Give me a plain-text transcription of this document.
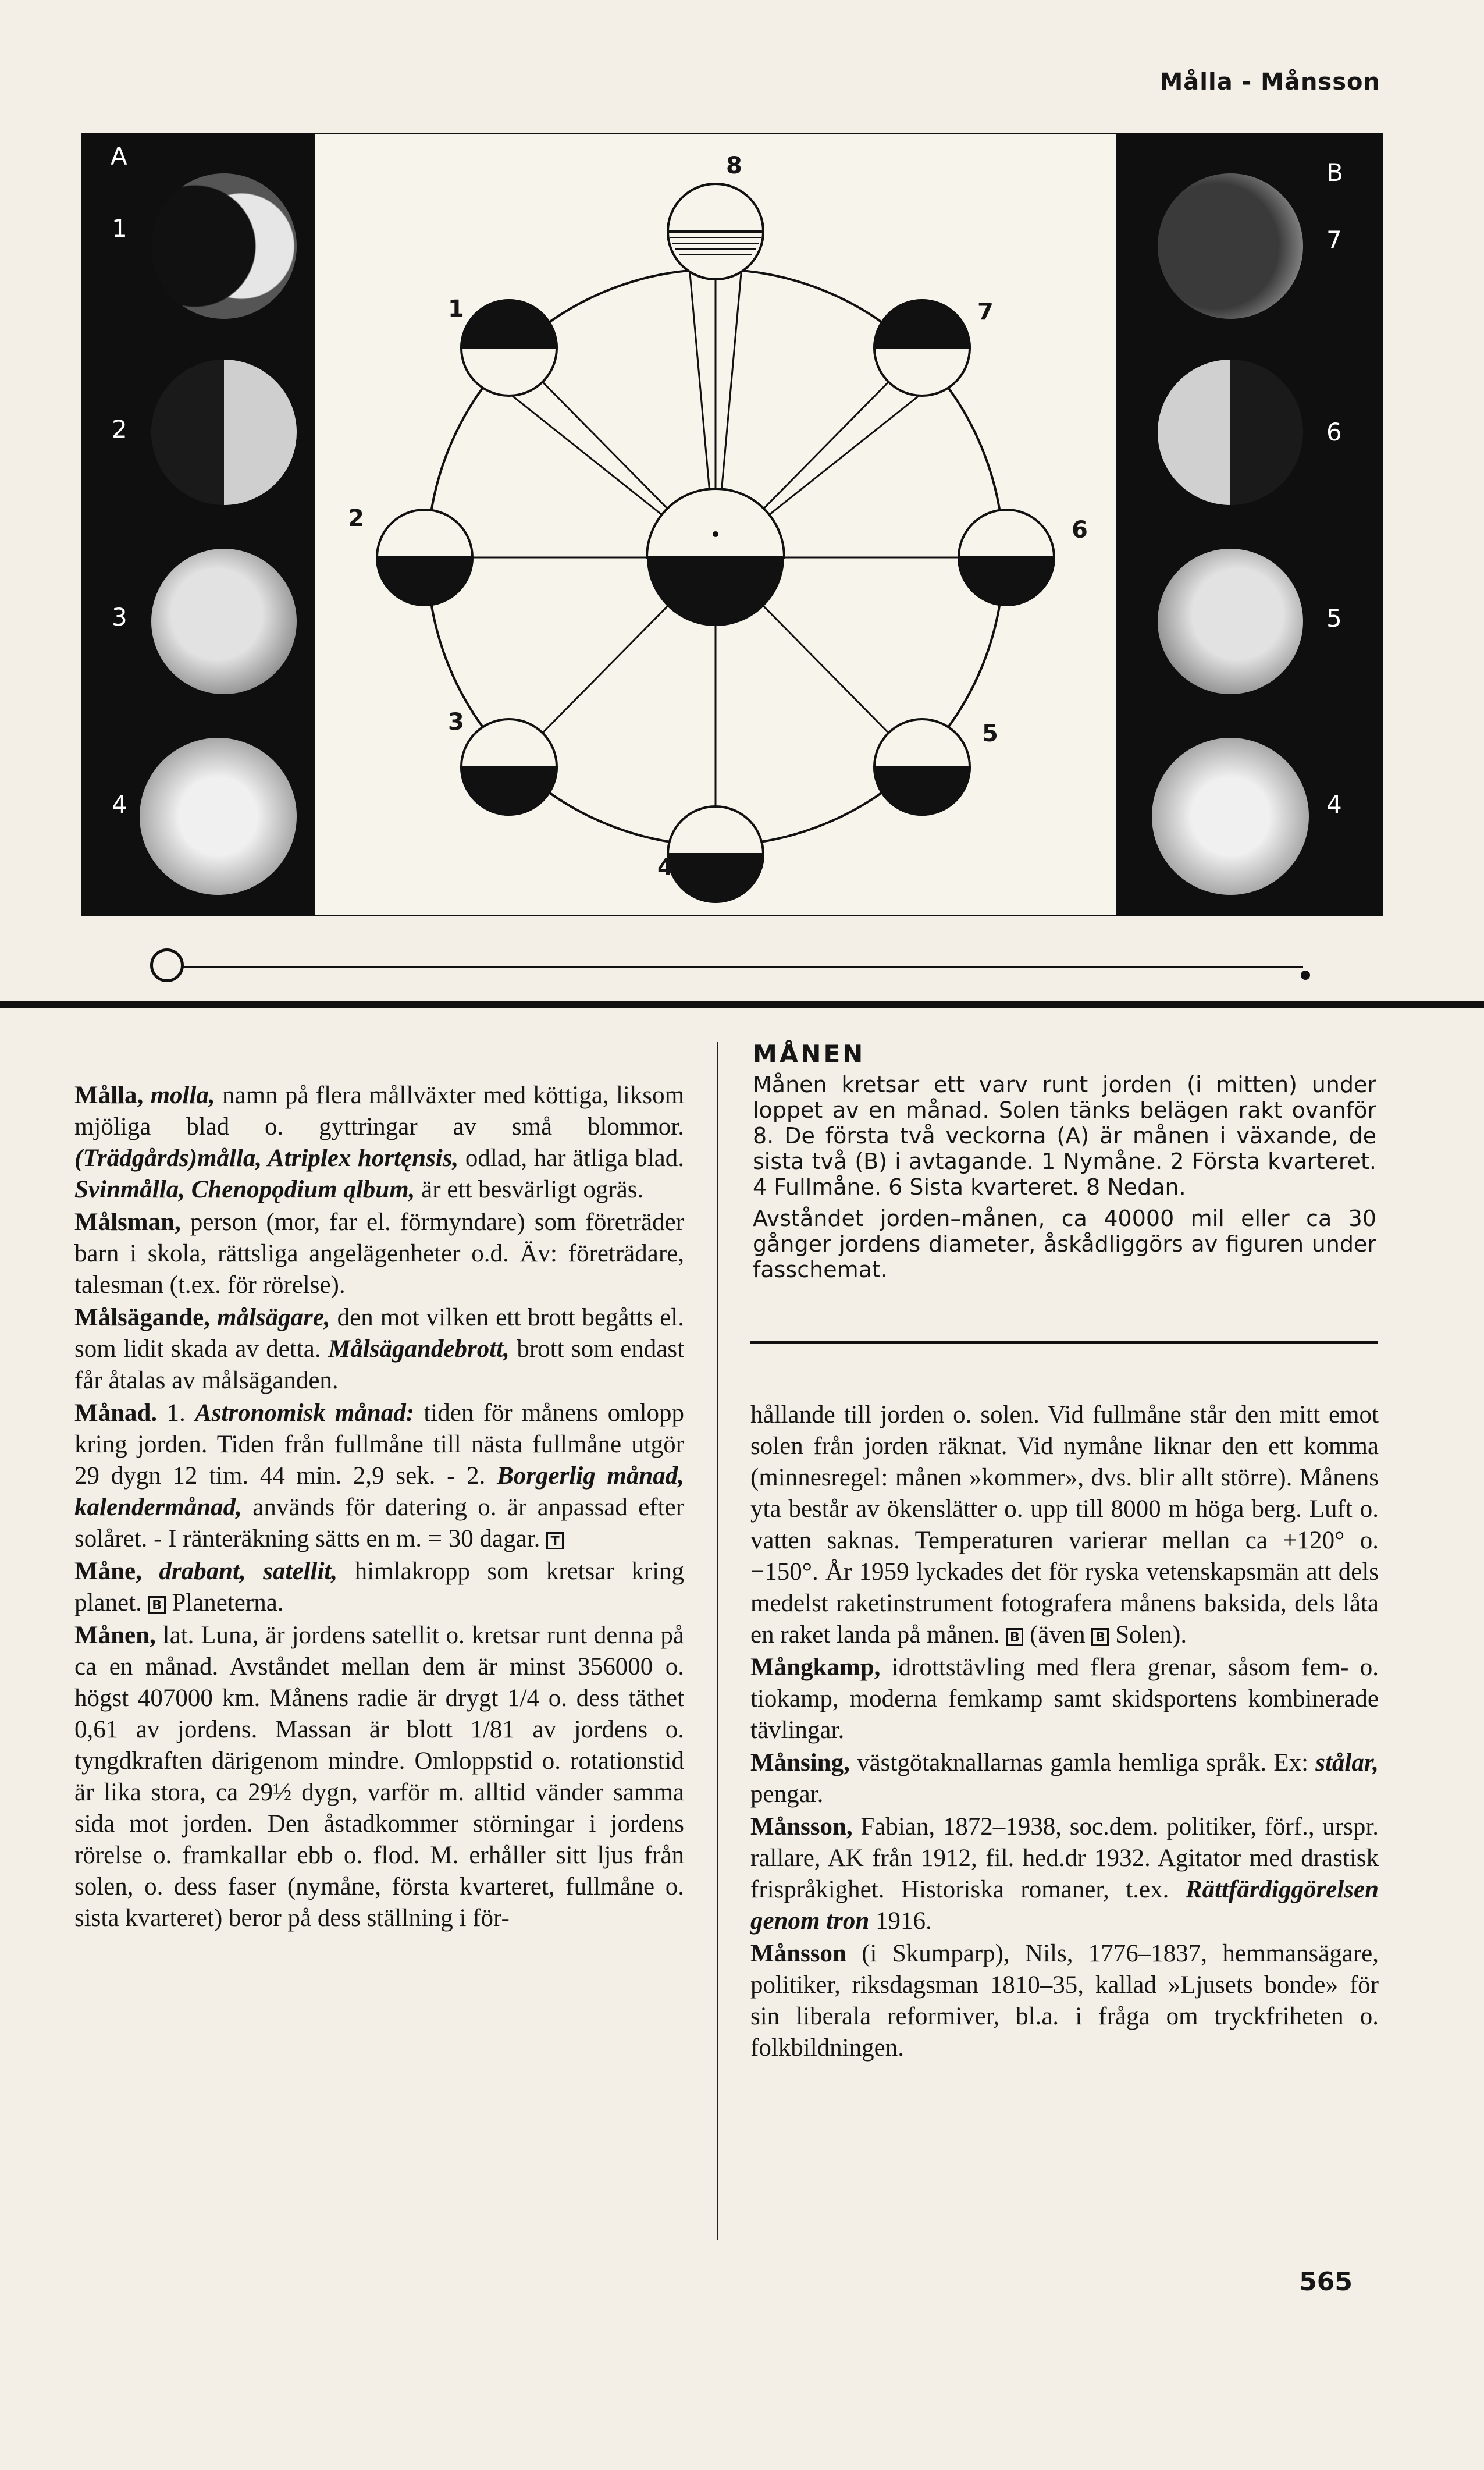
Målla - Månsson
A
1
2
3
4
B
7
6
5
4
8
1	7
2	6
3	5
4
MÅNEN

Månen kretsar ett varv runt jorden (i mitten) under loppet av en månad. Solen tänks belägen rakt ovanför 8. De första två veckorna (A) är månen i växande, de sista två (B) i avtagande. 1 Nymåne. 2 Första kvarteret. 4 Fullmåne. 6 Sista kvarteret. 8 Nedan.

Avståndet jorden–månen, ca 40000 mil eller ca 30 gånger jordens diameter, åskådliggörs av figuren under fasschemat.

Målla, molla, namn på flera mållväxter med köttiga, liksom mjöliga blad o. gyttringar av små blommor. (Trädgårds)målla, Atriplex hortęnsis, odlad, har ätliga blad. Svinmålla, Chenopǫdium ąlbum, är ett besvärligt ogräs.

Målsman, person (mor, far el. förmyndare) som företräder barn i skola, rättsliga angelägenheter o.d. Äv: företrädare, talesman (t.ex. för rörelse).

Målsägande, målsägare, den mot vilken ett brott begåtts el. som lidit skada av detta. Målsägandebrott, brott som endast får åtalas av målsäganden.

Månad. 1. Astronomisk månad: tiden för månens omlopp kring jorden. Tiden från fullmåne till nästa fullmåne utgör 29 dygn 12 tim. 44 min. 2,9 sek. - 2. Borgerlig månad, kalendermånad, används för datering o. är anpassad efter solåret. - I ränteräkning sätts en m. = 30 dagar. T

Måne, drabant, satellit, himlakropp som kretsar kring planet. B Planeterna.

Månen, lat. Luna, är jordens satellit o. kretsar runt denna på ca en månad. Avståndet mellan dem är minst 356000 o. högst 407000 km. Månens radie är drygt 1/4 o. dess täthet 0,61 av jordens. Massan är blott 1/81 av jordens o. tyngdkraften därigenom mindre. Omloppstid o. rotationstid är lika stora, ca 29½ dygn, varför m. alltid vänder samma sida mot jorden. Den åstadkommer störningar i jordens rörelse o. framkallar ebb o. flod. M. erhåller sitt ljus från solen, o. dess faser (nymåne, första kvarteret, fullmåne o. sista kvarteret) beror på dess ställning i för-

hållande till jorden o. solen. Vid fullmåne står den mitt emot solen från jorden räknat. Vid nymåne liknar den ett komma (minnesregel: månen »kommer», dvs. blir allt större). Månens yta består av ökenslätter o. upp till 8000 m höga berg. Luft o. vatten saknas. Temperaturen varierar mellan ca +120° o. −150°. År 1959 lyckades det för ryska vetenskapsmän att dels medelst raketinstrument fotografera månens baksida, dels låta en raket landa på månen. B (även B Solen).

Mångkamp, idrottstävling med flera grenar, såsom fem- o. tiokamp, moderna femkamp samt skidsportens kombinerade tävlingar.

Månsing, västgötaknallarnas gamla hemliga språk. Ex: stålar, pengar.

Månsson, Fabian, 1872–1938, soc.dem. politiker, förf., urspr. rallare, AK från 1912, fil. hed.dr 1932. Agitator med drastisk frispråkighet. Historiska romaner, t.ex. Rättfärdiggörelsen genom tron 1916.

Månsson (i Skumparp), Nils, 1776–1837, hemmansägare, politiker, riksdagsman 1810–35, kallad »Ljusets bonde» för sin liberala reformiver, bl.a. i fråga om tryckfriheten o. folkbildningen.

565
